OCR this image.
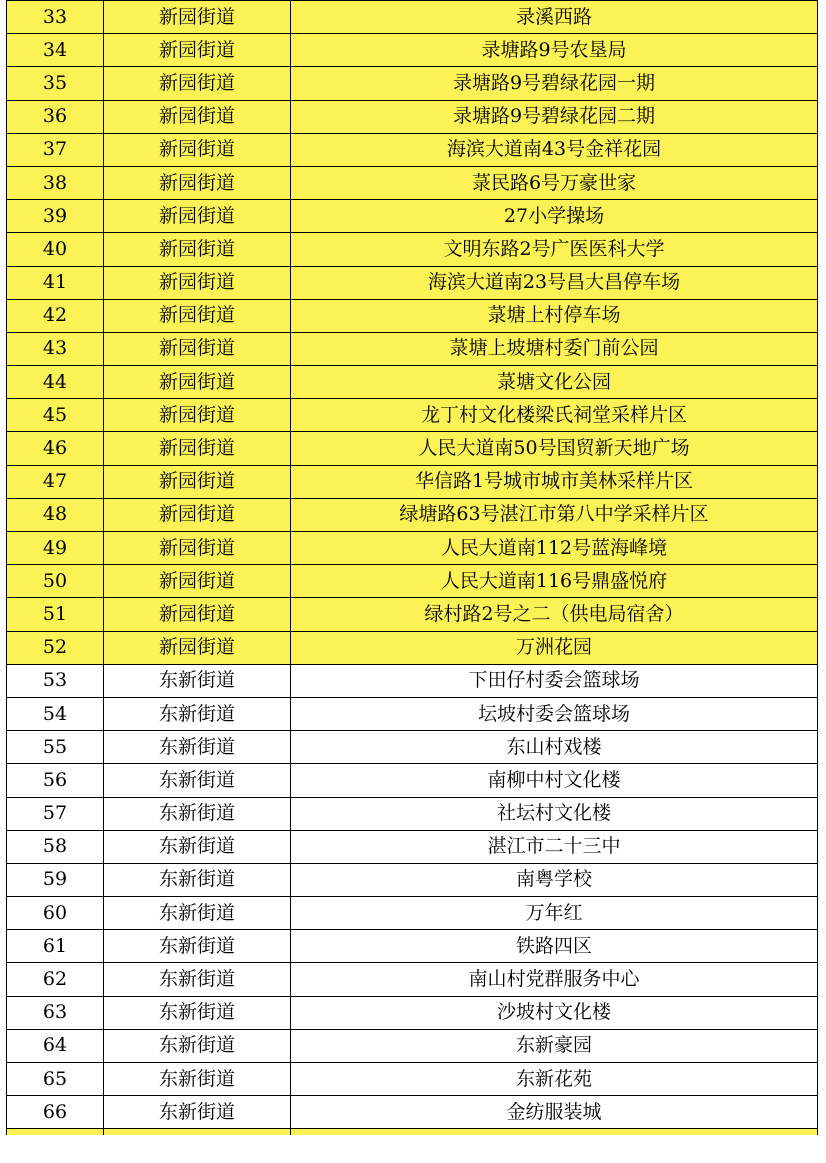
33	新园街道	录溪西路
34	新园街道	录塘路9号农垦局
35	新园街道	录塘路9号碧绿花园一期
36	新园街道	录塘路9号碧绿花园二期
37	新园街道	海滨大道南43号金祥花园
38	新园街道	菉民路6号万豪世家
39	新园街道	27小学操场
40	新园街道	文明东路2号广医医科大学
41	新园街道	海滨大道南23号昌大昌停车场
42	新园街道	菉塘上村停车场
43	新园街道	菉塘上坡塘村委门前公园
44	新园街道	菉塘文化公园
45	新园街道	龙丁村文化楼梁氏祠堂采样片区
46	新园街道	人民大道南50号国贸新天地广场
47	新园街道	华信路1号城市城市美林采样片区
48	新园街道	绿塘路63号湛江市第八中学采样片区
49	新园街道	人民大道南112号蓝海峰境
50	新园街道	人民大道南116号鼎盛悦府
51	新园街道	绿村路2号之二（供电局宿舍）
52	新园街道	万洲花园
53	东新街道	下田仔村委会篮球场
54	东新街道	坛坡村委会篮球场
55	东新街道	东山村戏楼
56	东新街道	南柳中村文化楼
57	东新街道	社坛村文化楼
58	东新街道	湛江市二十三中
59	东新街道	南粤学校
60	东新街道	万年红
61	东新街道	铁路四区
62	东新街道	南山村党群服务中心
63	东新街道	沙坡村文化楼
64	东新街道	东新豪园
65	东新街道	东新花苑
66	东新街道	金纺服装城
